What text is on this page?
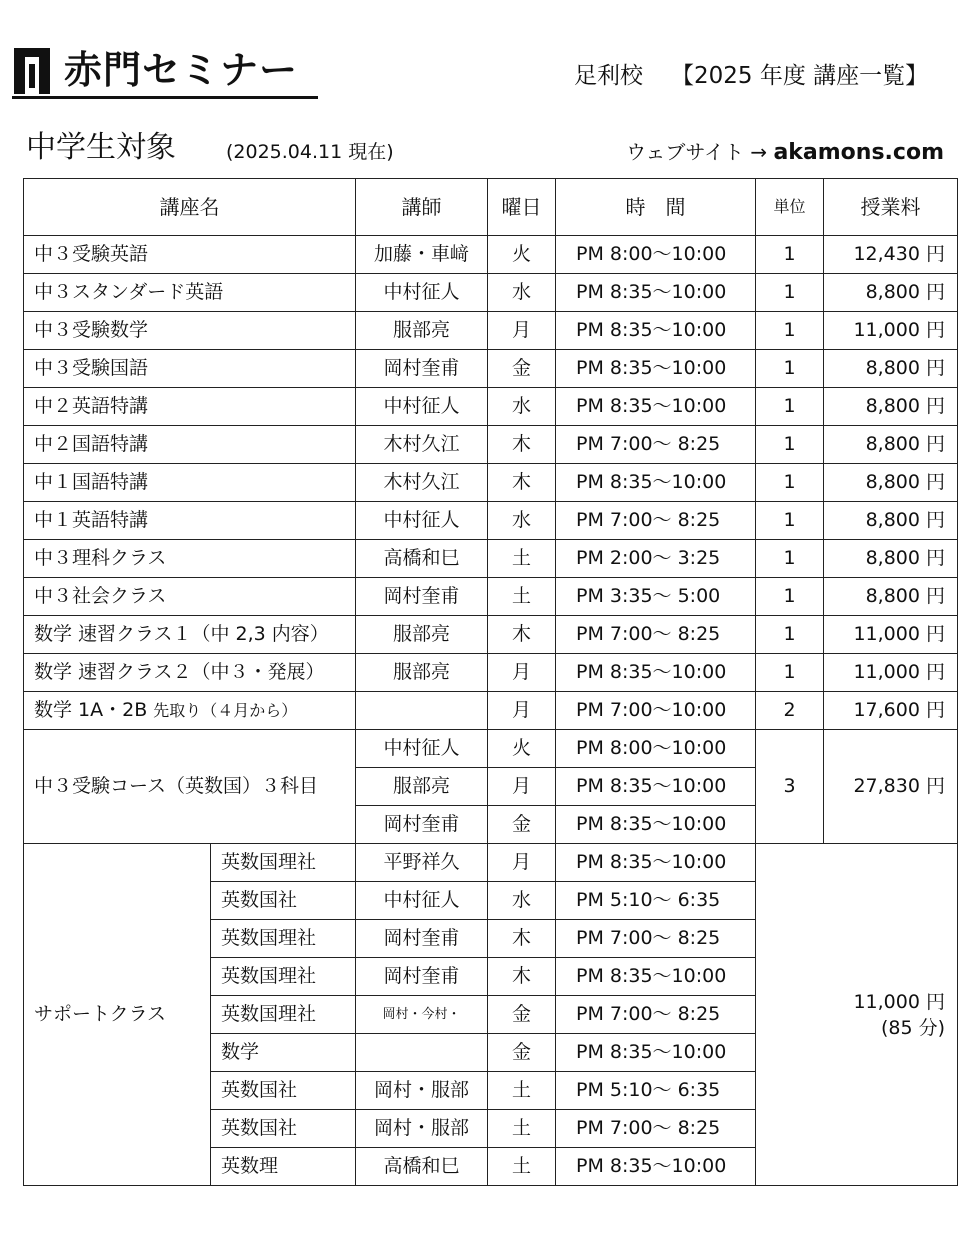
赤門セミナー	足利校 【2025 年度 講座一覧】
中学生対象	(2025.04.11 現在)	ウェブサイト → akamons.com
講座名		講師	曜日	時　間	単位	授業料
中３受験英語		加藤・車﨑	火	PM 8:00〜10:00	1	12,430 円
中３スタンダード英語		中村征人	水	PM 8:35〜10:00	1	8,800 円
中３受験数学		服部亮	月	PM 8:35〜10:00	1	11,000 円
中３受験国語		岡村奎甫	金	PM 8:35〜10:00	1	8,800 円
中２英語特講		中村征人	水	PM 8:35〜10:00	1	8,800 円
中２国語特講		木村久江	木	PM 7:00〜 8:25	1	8,800 円
中１国語特講		木村久江	木	PM 8:35〜10:00	1	8,800 円
中１英語特講		中村征人	水	PM 7:00〜 8:25	1	8,800 円
中３理科クラス		高橋和巳	土	PM 2:00〜 3:25	1	8,800 円
中３社会クラス		岡村奎甫	土	PM 3:35〜 5:00	1	8,800 円
数学 速習クラス１（中 2,3 内容）		服部亮	木	PM 7:00〜 8:25	1	11,000 円
数学 速習クラス２（中３・発展）		服部亮	月	PM 8:35〜10:00	1	11,000 円
数学 1A・2B 先取り（４月から）			月	PM 7:00〜10:00	2	17,600 円
中３受験コース（英数国）３科目		中村征人	火	PM 8:00〜10:00	3	27,830 円
		服部亮	月	PM 8:35〜10:00		
		岡村奎甫	金	PM 8:35〜10:00		
サポートクラス	英数国理社	平野祥久	月	PM 8:35〜10:00	11,000 円
(85 分)	

	英数国社	中村征人	水	PM 5:10〜 6:35		
	英数国理社	岡村奎甫	木	PM 7:00〜 8:25		
	英数国理社	岡村奎甫	木	PM 8:35〜10:00		
	英数国理社	岡村・今村・	金	PM 7:00〜 8:25		
	数学		金	PM 8:35〜10:00		
	英数国社	岡村・服部	土	PM 5:10〜 6:35		
	英数国社	岡村・服部	土	PM 7:00〜 8:25		
	英数理	高橋和巳	土	PM 8:35〜10:00		
